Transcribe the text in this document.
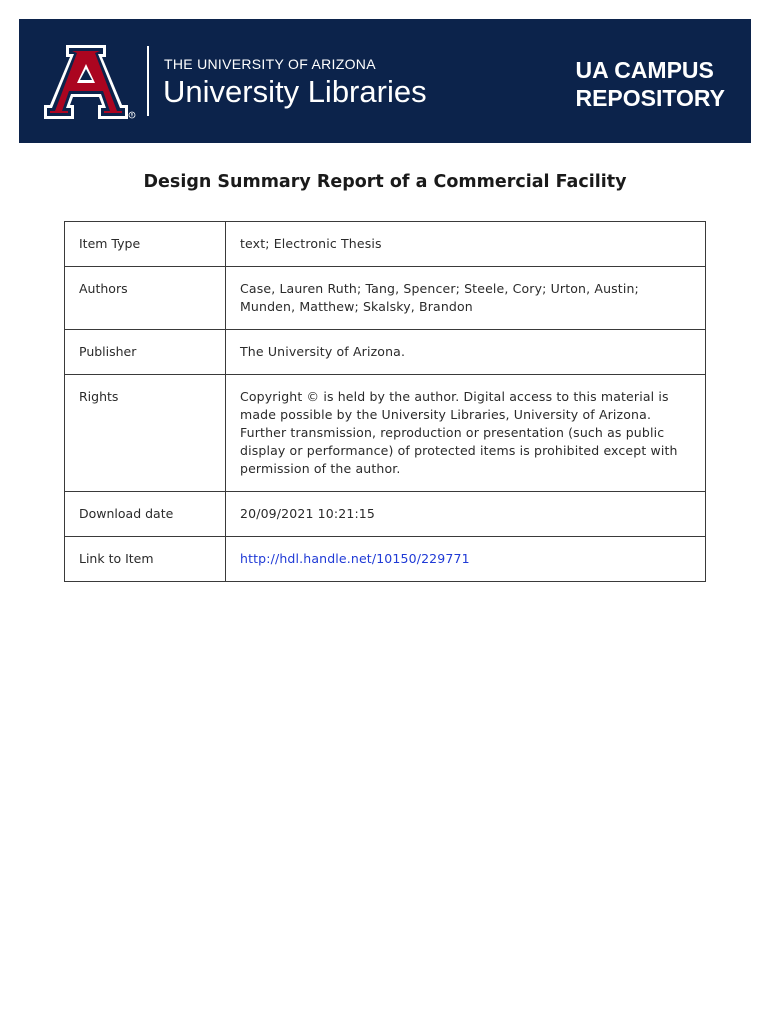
R
THE UNIVERSITY OF ARIZONA
University Libraries
UA CAMPUS
REPOSITORY
Design Summary Report of a Commercial Facility
Item Type	text; Electronic Thesis
Authors	Case, Lauren Ruth; Tang, Spencer; Steele, Cory; Urton, Austin; Munden, Matthew; Skalsky, Brandon
Publisher	The University of Arizona.
Rights	Copyright © is held by the author. Digital access to this material is made possible by the University Libraries, University of Arizona. Further transmission, reproduction or presentation (such as public display or performance) of protected items is prohibited except with permission of the author.
Download date	20/09/2021 10:21:15
Link to Item	http://hdl.handle.net/10150/229771
